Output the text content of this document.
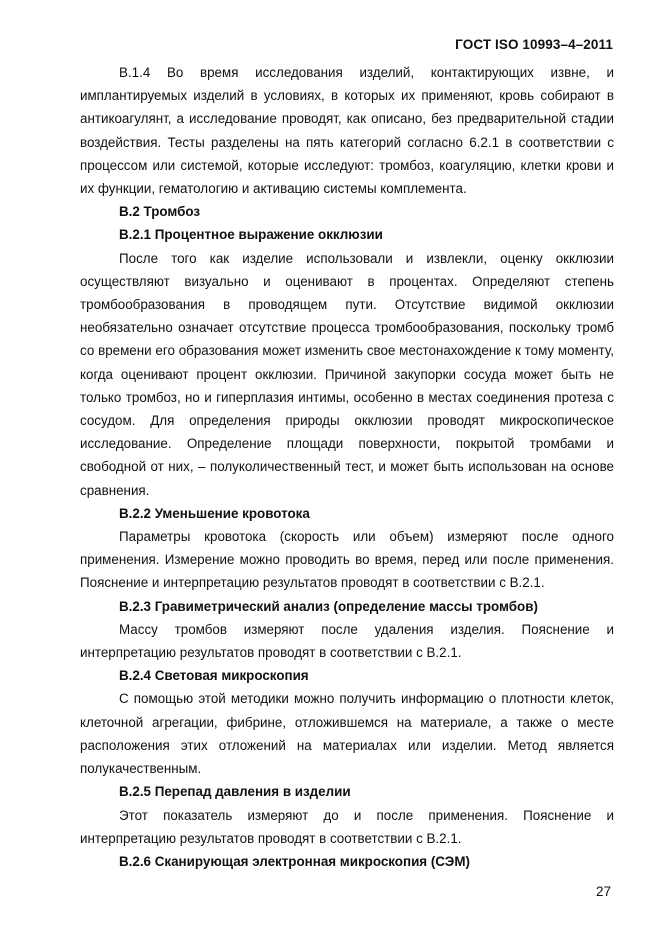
ГОСТ ISO 10993–4–2011

В.1.4 Во время исследования изделий, контактирующих извне, и имплантируемых изделий в условиях, в которых их применяют, кровь собирают в антикоагулянт, а исследование проводят, как описано, без предварительной стадии воздействия. Тесты разделены на пять категорий согласно 6.2.1 в соответствии с процессом или системой, которые исследуют: тромбоз, коагуляцию, клетки крови и их функции, гематологию и активацию системы комплемента.

В.2 Тромбоз

В.2.1 Процентное выражение окклюзии

После того как изделие использовали и извлекли, оценку окклюзии осуществляют визуально и оценивают в процентах. Определяют степень тромбообразования в проводящем пути. Отсутствие видимой окклюзии необязательно означает отсутствие процесса тромбообразования, поскольку тромб со времени его образования может изменить свое местонахождение к тому моменту, когда оценивают процент окклюзии. Причиной закупорки сосуда может быть не только тромбоз, но и гиперплазия интимы, особенно в местах соединения протеза с сосудом. Для определения природы окклюзии проводят микроскопическое исследование. Определение площади поверхности, покрытой тромбами и свободной от них, – полуколичественный тест, и может быть использован на основе сравнения.

В.2.2 Уменьшение кровотока

Параметры кровотока (скорость или объем) измеряют после одного применения. Измерение можно проводить во время, перед или после применения. Пояснение и интерпретацию результатов проводят в соответствии с В.2.1.

В.2.3 Гравиметрический анализ (определение массы тромбов)

Массу тромбов измеряют после удаления изделия. Пояснение и интерпретацию результатов проводят в соответствии с В.2.1.

В.2.4 Световая микроскопия

С помощью этой методики можно получить информацию о плотности клеток, клеточной агрегации, фибрине, отложившемся на материале, а также о месте расположения этих отложений на материалах или изделии. Метод является полукачественным.

В.2.5 Перепад давления в изделии

Этот показатель измеряют до и после применения. Пояснение и интерпретацию результатов проводят в соответствии с В.2.1.

В.2.6 Сканирующая электронная микроскопия (СЭМ)

27
